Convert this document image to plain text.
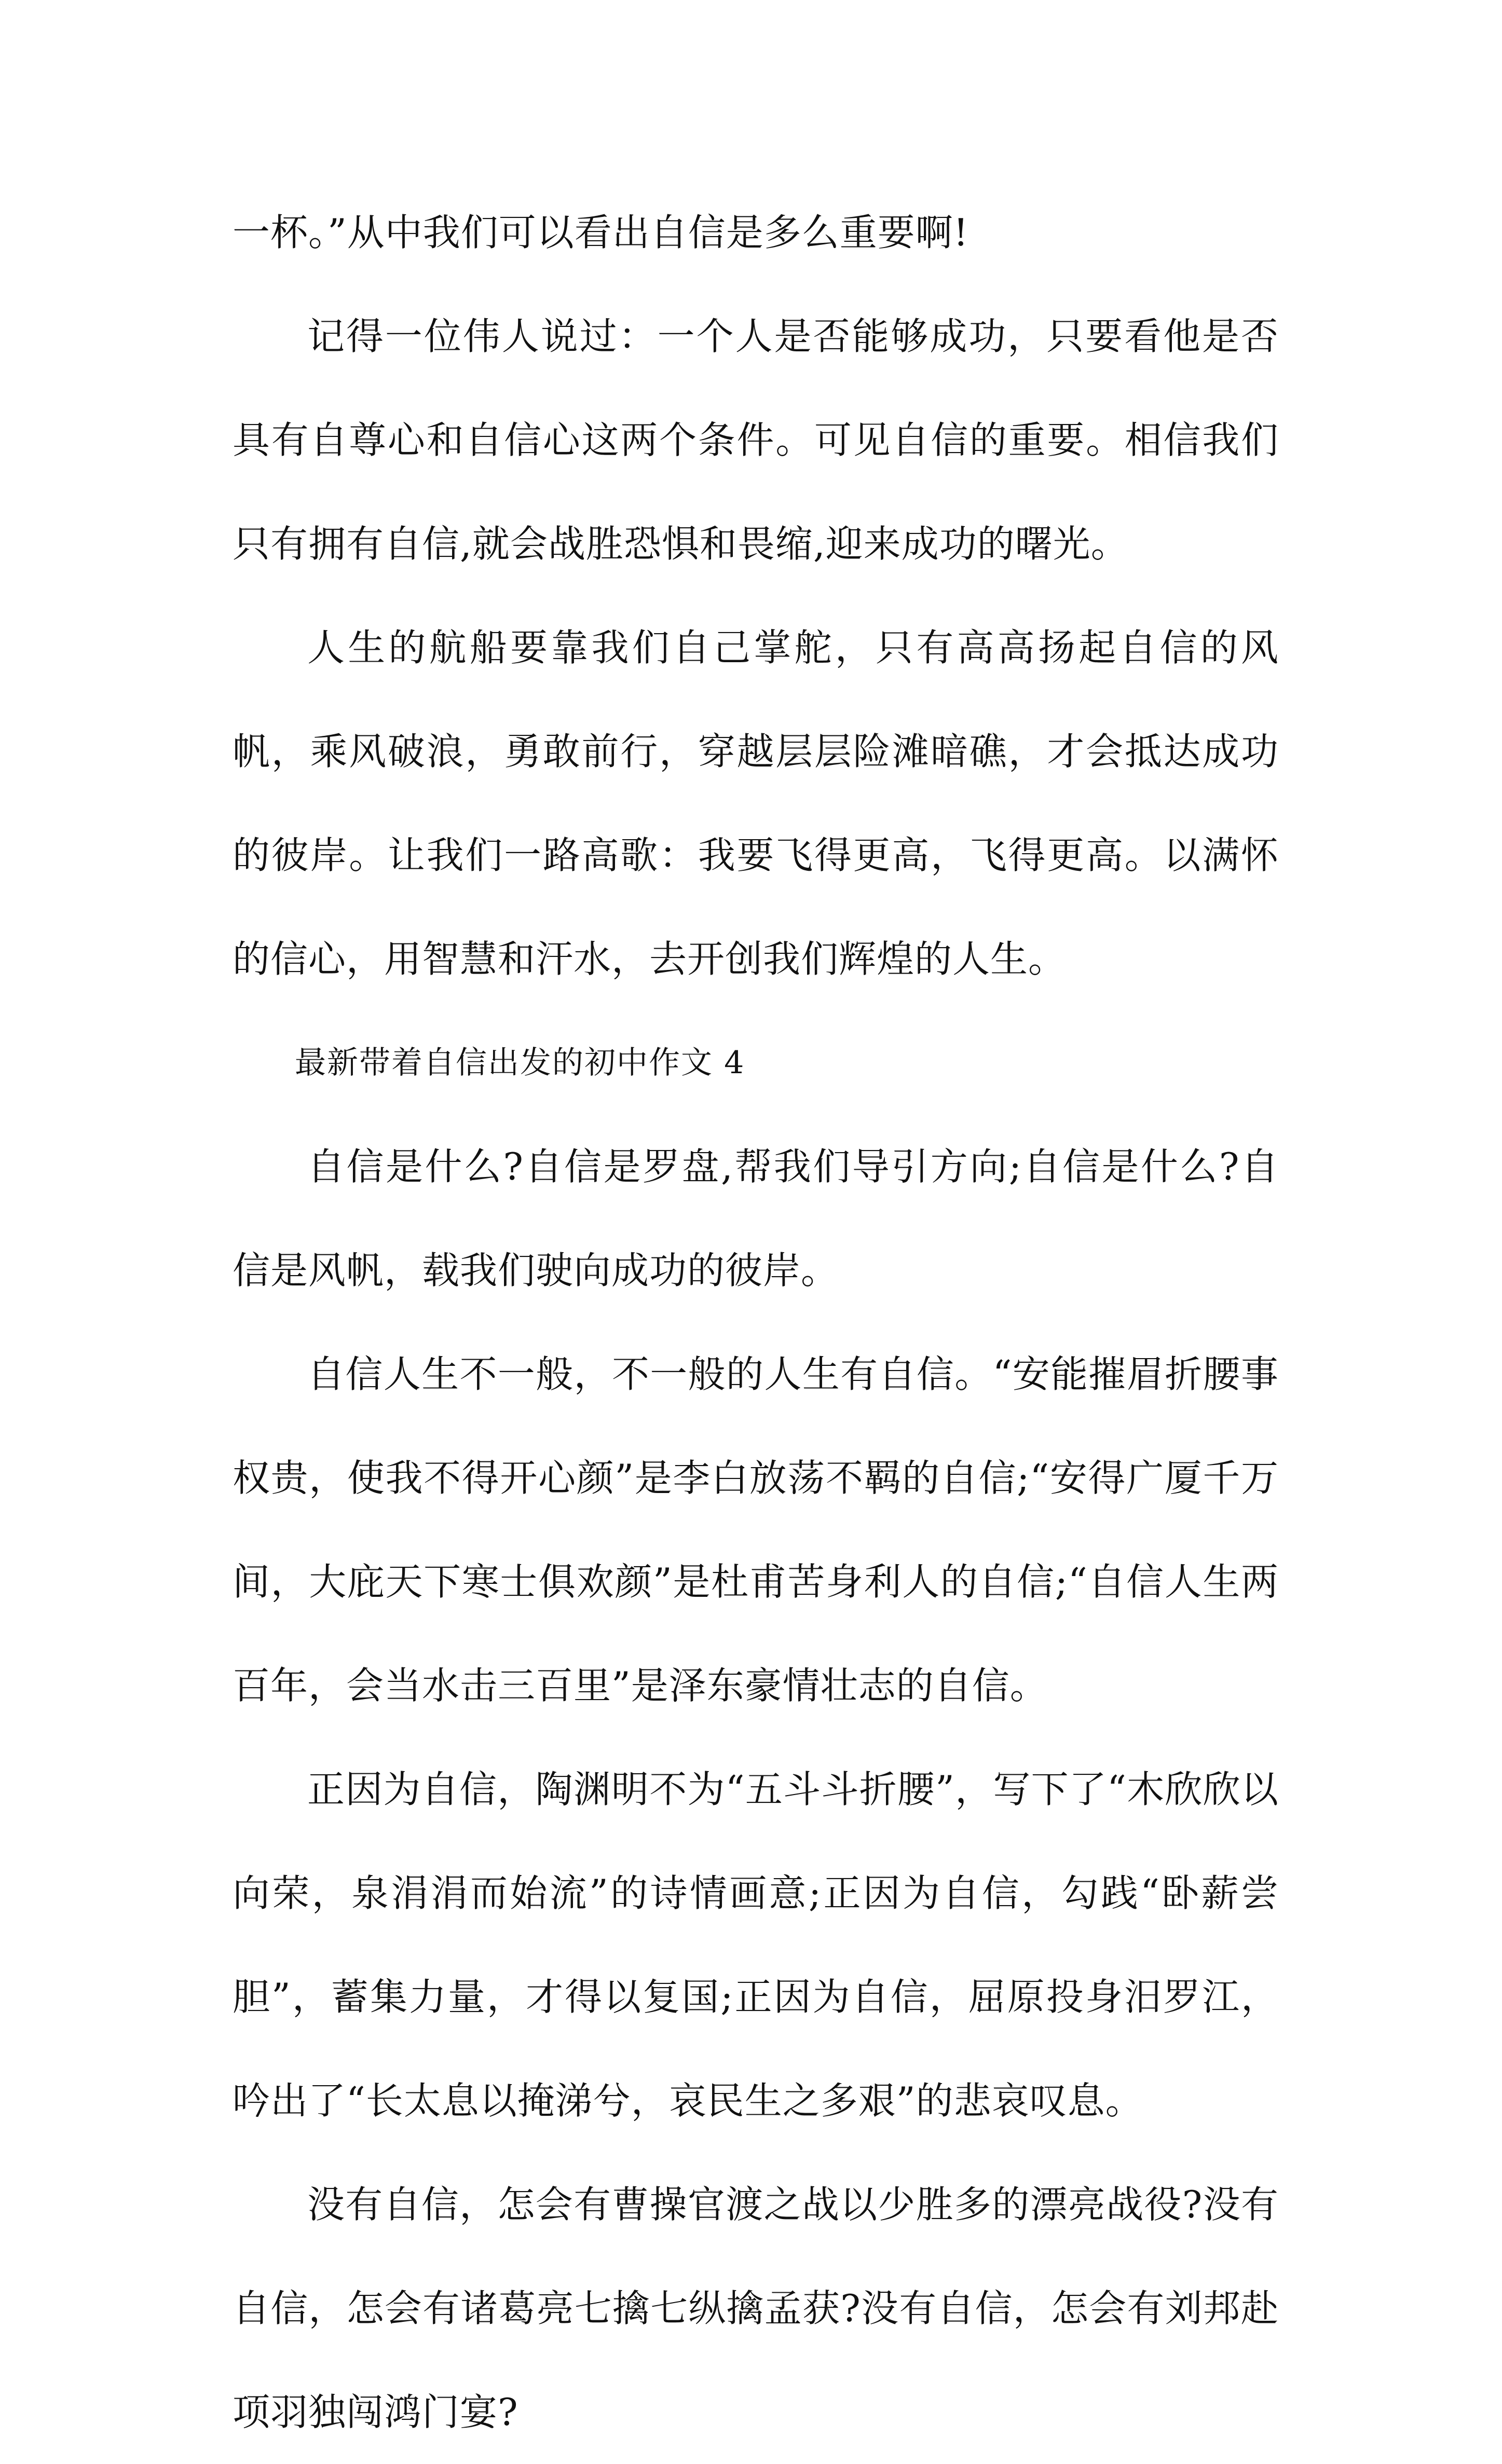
一杯。”从中我们可以看出自信是多么重要啊!

记得一位伟人说过：一个人是否能够成功，只要看他是否具有自尊心和自信心这两个条件。可见自信的重要。相信我们只有拥有自信,就会战胜恐惧和畏缩,迎来成功的曙光。

人生的航船要靠我们自己掌舵，只有高高扬起自信的风帆，乘风破浪，勇敢前行，穿越层层险滩暗礁，才会抵达成功的彼岸。让我们一路高歌：我要飞得更高，飞得更高。以满怀的信心，用智慧和汗水，去开创我们辉煌的人生。

最新带着自信出发的初中作文 4

自信是什么?自信是罗盘,帮我们导引方向;自信是什么?自信是风帆，载我们驶向成功的彼岸。

自信人生不一般，不一般的人生有自信。“安能摧眉折腰事权贵，使我不得开心颜”是李白放荡不羁的自信;“安得广厦千万间，大庇天下寒士俱欢颜”是杜甫苦身利人的自信;“自信人生两百年，会当水击三百里”是泽东豪情壮志的自信。

正因为自信，陶渊明不为“五斗斗折腰”，写下了“木欣欣以向荣，泉涓涓而始流”的诗情画意;正因为自信，勾践“卧薪尝胆”，蓄集力量，才得以复国;正因为自信，屈原投身汨罗江，吟出了“长太息以掩涕兮，哀民生之多艰”的悲哀叹息。

没有自信，怎会有曹操官渡之战以少胜多的漂亮战役?没有自信，怎会有诸葛亮七擒七纵擒孟获?没有自信，怎会有刘邦赴项羽独闯鸿门宴?
